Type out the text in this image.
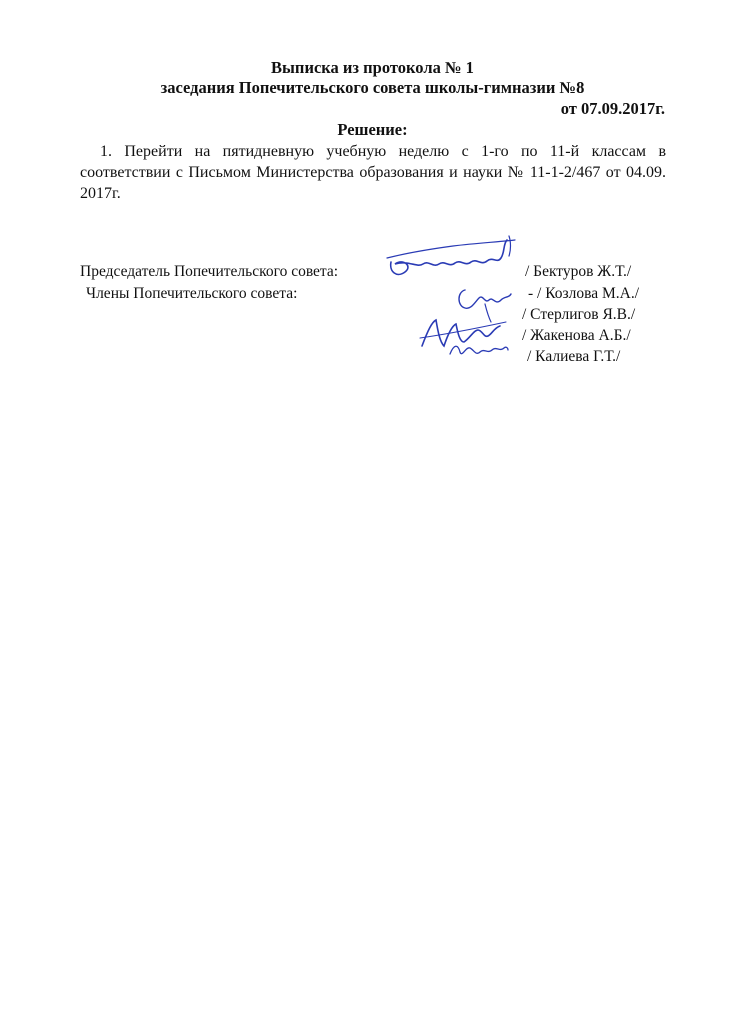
Выписка из протокола № 1
заседания Попечительского совета школы-гимназии №8
от 07.09.2017г.
Решение:
1. Перейти на пятидневную учебную неделю с 1-го по 11-й классам в соответствии с Письмом Министерства образования и науки № 11-1-2/467 от 04.09. 2017г.
Председатель Попечительского совета:
Члены Попечительского совета:
/ Бектуров Ж.Т./
- / Козлова М.А./
/ Стерлигов Я.В./
/ Жакенова А.Б./
/ Калиева Г.Т./
